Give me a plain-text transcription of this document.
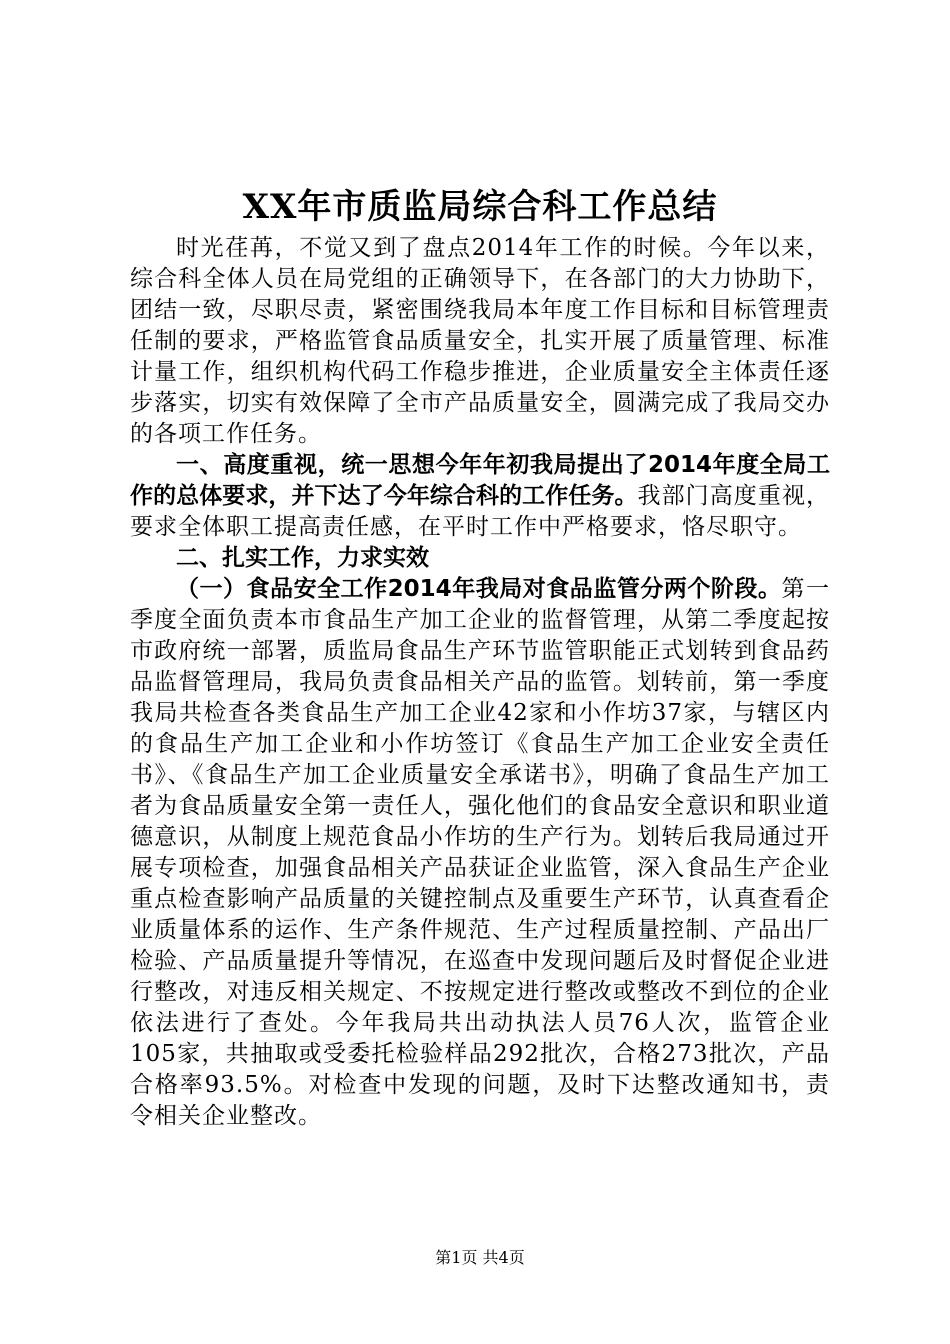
XX年市质监局综合科工作总结

时光荏苒，不觉又到了盘点2014年工作的时候。今年以来，综合科全体人员在局党组的正确领导下，在各部门的大力协助下，团结一致，尽职尽责，紧密围绕我局本年度工作目标和目标管理责任制的要求，严格监管食品质量安全，扎实开展了质量管理、标准计量工作，组织机构代码工作稳步推进，企业质量安全主体责任逐步落实，切实有效保障了全市产品质量安全，圆满完成了我局交办的各项工作任务。

一、高度重视，统一思想今年年初我局提出了2014年度全局工作的总体要求，并下达了今年综合科的工作任务。我部门高度重视，要求全体职工提高责任感，在平时工作中严格要求，恪尽职守。

二、扎实工作，力求实效

（一）食品安全工作2014年我局对食品监管分两个阶段。第一季度全面负责本市食品生产加工企业的监督管理，从第二季度起按市政府统一部署，质监局食品生产环节监管职能正式划转到食品药品监督管理局，我局负责食品相关产品的监管。划转前，第一季度我局共检查各类食品生产加工企业42家和小作坊37家，与辖区内的食品生产加工企业和小作坊签订《食品生产加工企业安全责任书》、《食品生产加工企业质量安全承诺书》，明确了食品生产加工者为食品质量安全第一责任人，强化他们的食品安全意识和职业道德意识，从制度上规范食品小作坊的生产行为。划转后我局通过开展专项检查，加强食品相关产品获证企业监管，深入食品生产企业重点检查影响产品质量的关键控制点及重要生产环节，认真查看企业质量体系的运作、生产条件规范、生产过程质量控制、产品出厂检验、产品质量提升等情况，在巡查中发现问题后及时督促企业进行整改，对违反相关规定、不按规定进行整改或整改不到位的企业依法进行了查处。今年我局共出动执法人员76人次，监管企业105家，共抽取或受委托检验样品292批次，合格273批次，产品合格率93.5%。对检查中发现的问题，及时下达整改通知书，责令相关企业整改。

第1页 共4页
